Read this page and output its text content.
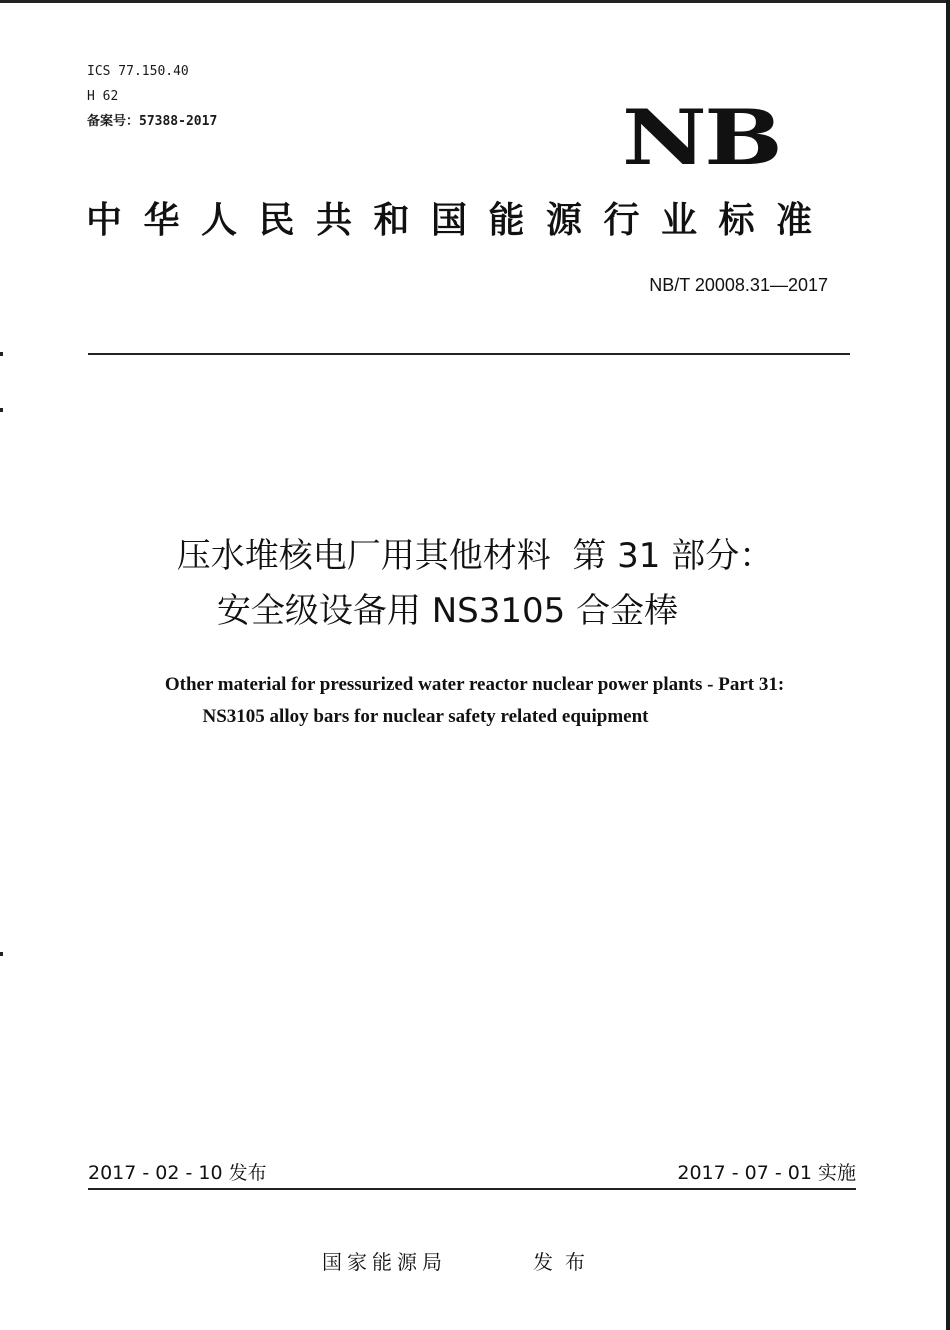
ICS 77.150.40
H 62
备案号：57388-2017	NB
中华人民共和国能源行业标准
NB/T 20008.31—2017
压水堆核电厂用其他材料  第 31 部分：
安全级设备用 NS3105 合金棒
Other material for pressurized water reactor nuclear power plants - Part 31:
NS3105 alloy bars for nuclear safety related equipment
2017 - 02 - 10 发布	2017 - 07 - 01 实施
国家能源局	发布
